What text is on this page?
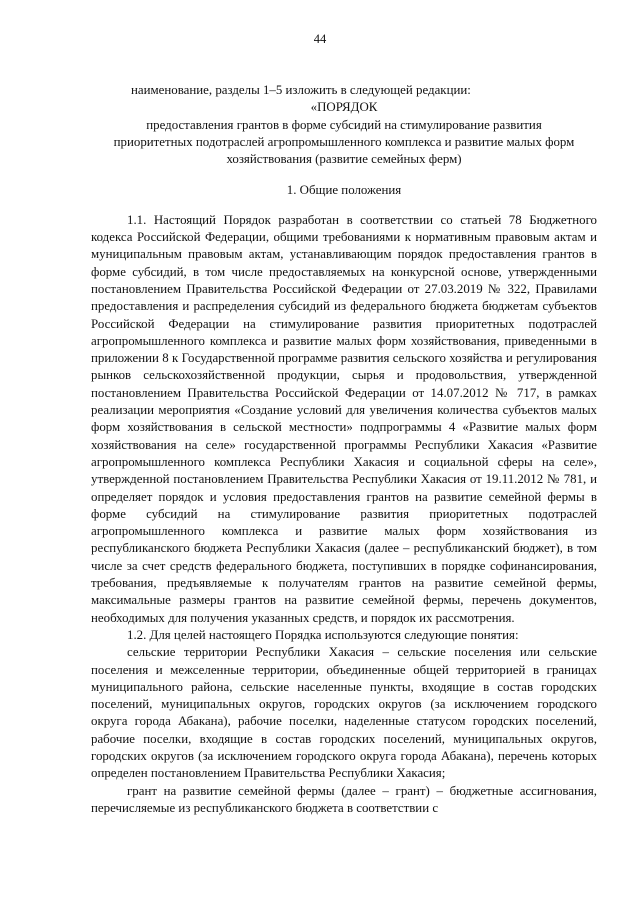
44

наименование, разделы 1–5 изложить в следующей редакции:

«ПОРЯДОК
предоставления грантов в форме субсидий на стимулирование развития
приоритетных подотраслей агропромышленного комплекса и развитие малых форм
хозяйствования (развитие семейных ферм)
1. Общие положения

1.1. Настоящий Порядок разработан в соответствии со статьей 78 Бюджетного кодекса Российской Федерации, общими требованиями к нормативным правовым актам и муниципальным правовым актам, устанавливающим порядок предоставления грантов в форме субсидий, в том числе предоставляемых на конкурсной основе, утвержденными постановлением Правительства Российской Федерации от 27.03.2019 № 322, Правилами предоставления и распределения субсидий из федерального бюджета бюджетам субъектов Российской Федерации на стимулирование развития приоритетных подотраслей агропромышленного комплекса и развитие малых форм хозяйствования, приведенными в приложении 8 к Государственной программе развития сельского хозяйства и регулирования рынков сельскохозяйственной продукции, сырья и продовольствия, утвержденной постановлением Правительства Российской Федерации от 14.07.2012 № 717, в рамках реализации мероприятия «Создание условий для увеличения количества субъектов малых форм хозяйствования в сельской местности» подпрограммы 4 «Развитие малых форм хозяйствования на селе» государственной программы Республики Хакасия «Развитие агропромышленного комплекса Республики Хакасия и социальной сферы на селе», утвержденной постановлением Правительства Республики Хакасия от 19.11.2012 № 781, и определяет порядок и условия предоставления грантов на развитие семейной фермы в форме субсидий на стимулирование развития приоритетных подотраслей агропромышленного комплекса и развитие малых форм хозяйствования из республиканского бюджета Республики Хакасия (далее – республиканский бюджет), в том числе за счет средств федерального бюджета, поступивших в порядке софинансирования, требования, предъявляемые к получателям грантов на развитие семейной фермы, максимальные размеры грантов на развитие семейной фермы, перечень документов, необходимых для получения указанных средств, и порядок их рассмотрения.

1.2. Для целей настоящего Порядка используются следующие понятия:

сельские территории Республики Хакасия – сельские поселения или сельские поселения и межселенные территории, объединенные общей территорией в границах муниципального района, сельские населенные пункты, входящие в состав городских поселений, муниципальных округов, городских округов (за исключением городского округа города Абакана), рабочие поселки, наделенные статусом городских поселений, рабочие поселки, входящие в состав городских поселений, муниципальных округов, городских округов (за исключением городского округа города Абакана), перечень которых определен постановлением Правительства Республики Хакасия;

грант на развитие семейной фермы (далее – грант) – бюджетные ассигнования, перечисляемые из республиканского бюджета в соответствии с
